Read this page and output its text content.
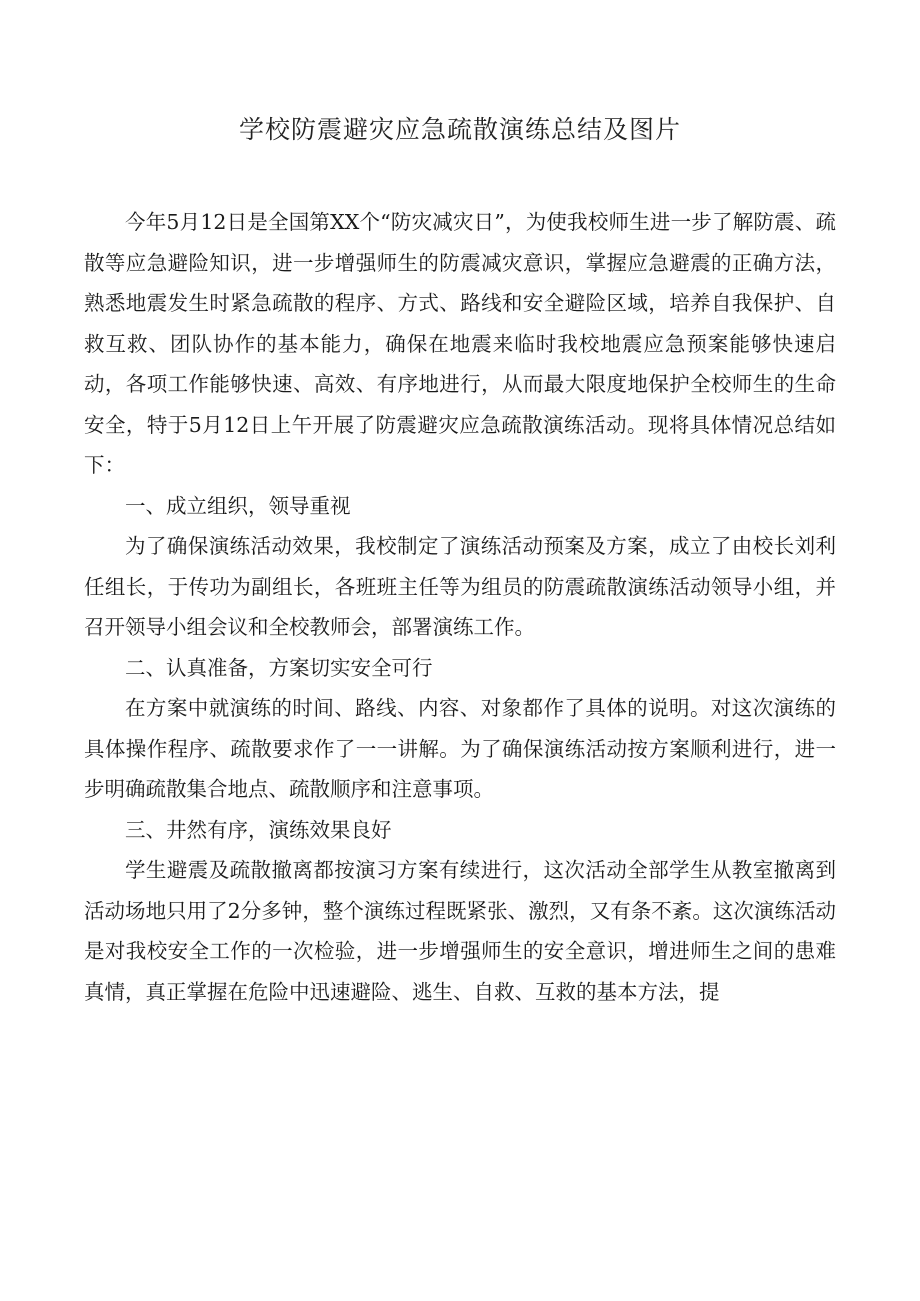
学校防震避灾应急疏散演练总结及图片

今年5月12日是全国第XX个“防灾减灾日”，为使我校师生进一步了解防震、疏散等应急避险知识，进一步增强师生的防震减灾意识，掌握应急避震的正确方法，熟悉地震发生时紧急疏散的程序、方式、路线和安全避险区域，培养自我保护、自救互救、团队协作的基本能力，确保在地震来临时我校地震应急预案能够快速启动，各项工作能够快速、高效、有序地进行，从而最大限度地保护全校师生的生命安全，特于5月12日上午开展了防震避灾应急疏散演练活动。现将具体情况总结如下：

一、成立组织，领导重视

为了确保演练活动效果，我校制定了演练活动预案及方案，成立了由校长刘利任组长，于传功为副组长，各班班主任等为组员的防震疏散演练活动领导小组，并召开领导小组会议和全校教师会，部署演练工作。

二、认真准备，方案切实安全可行

在方案中就演练的时间、路线、内容、对象都作了具体的说明。对这次演练的具体操作程序、疏散要求作了一一讲解。为了确保演练活动按方案顺利进行，进一步明确疏散集合地点、疏散顺序和注意事项。

三、井然有序，演练效果良好

学生避震及疏散撤离都按演习方案有续进行，这次活动全部学生从教室撤离到活动场地只用了2分多钟，整个演练过程既紧张、激烈，又有条不紊。这次演练活动是对我校安全工作的一次检验，进一步增强师生的安全意识，增进师生之间的患难真情，真正掌握在危险中迅速避险、逃生、自救、互救的基本方法，提
